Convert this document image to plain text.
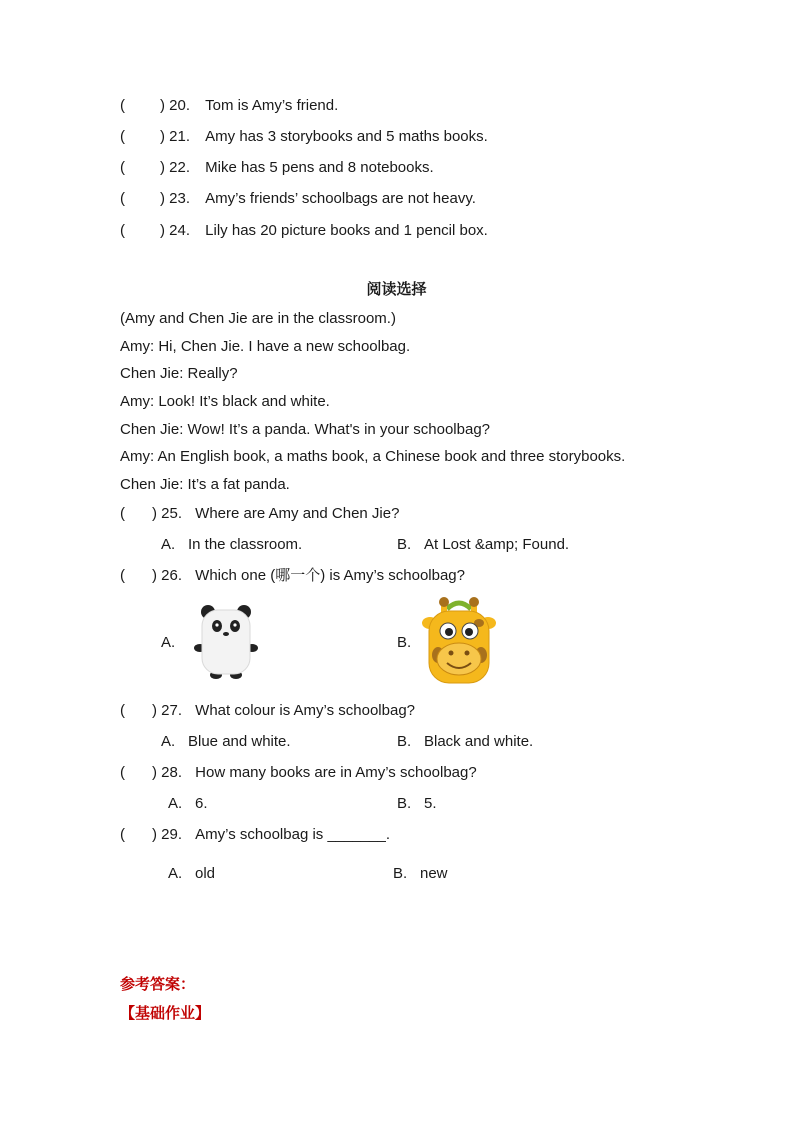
( ) 20. Tom is Amy’s friend.
( ) 21. Amy has 3 storybooks and 5 maths books.
( ) 22. Mike has 5 pens and 8 notebooks.
( ) 23. Amy’s friends’ schoolbags are not heavy.
( ) 24. Lily has 20 picture books and 1 pencil box.
阅读选择
(Amy and Chen Jie are in the classroom.)
Amy: Hi, Chen Jie. I have a new schoolbag.
Chen Jie: Really?
Amy: Look! It’s black and white.
Chen Jie: Wow! It’s a panda. What's in your schoolbag?
Amy: An English book, a maths book, a Chinese book and three storybooks.
Chen Jie: It’s a fat panda.
( ) 25. Where are Amy and Chen Jie?
A. In the classroom.	B. At Lost &amp; Found.
( ) 26. Which one (哪一个) is Amy’s schoolbag?
A.	B.
( ) 27. What colour is Amy’s schoolbag?
A. Blue and white.	B. Black and white.
( ) 28. How many books are in Amy’s schoolbag?
A. 6.	B. 5.
( ) 29. Amy’s schoolbag is _______.
A. old	B. new
参考答案：
【基础作业】
